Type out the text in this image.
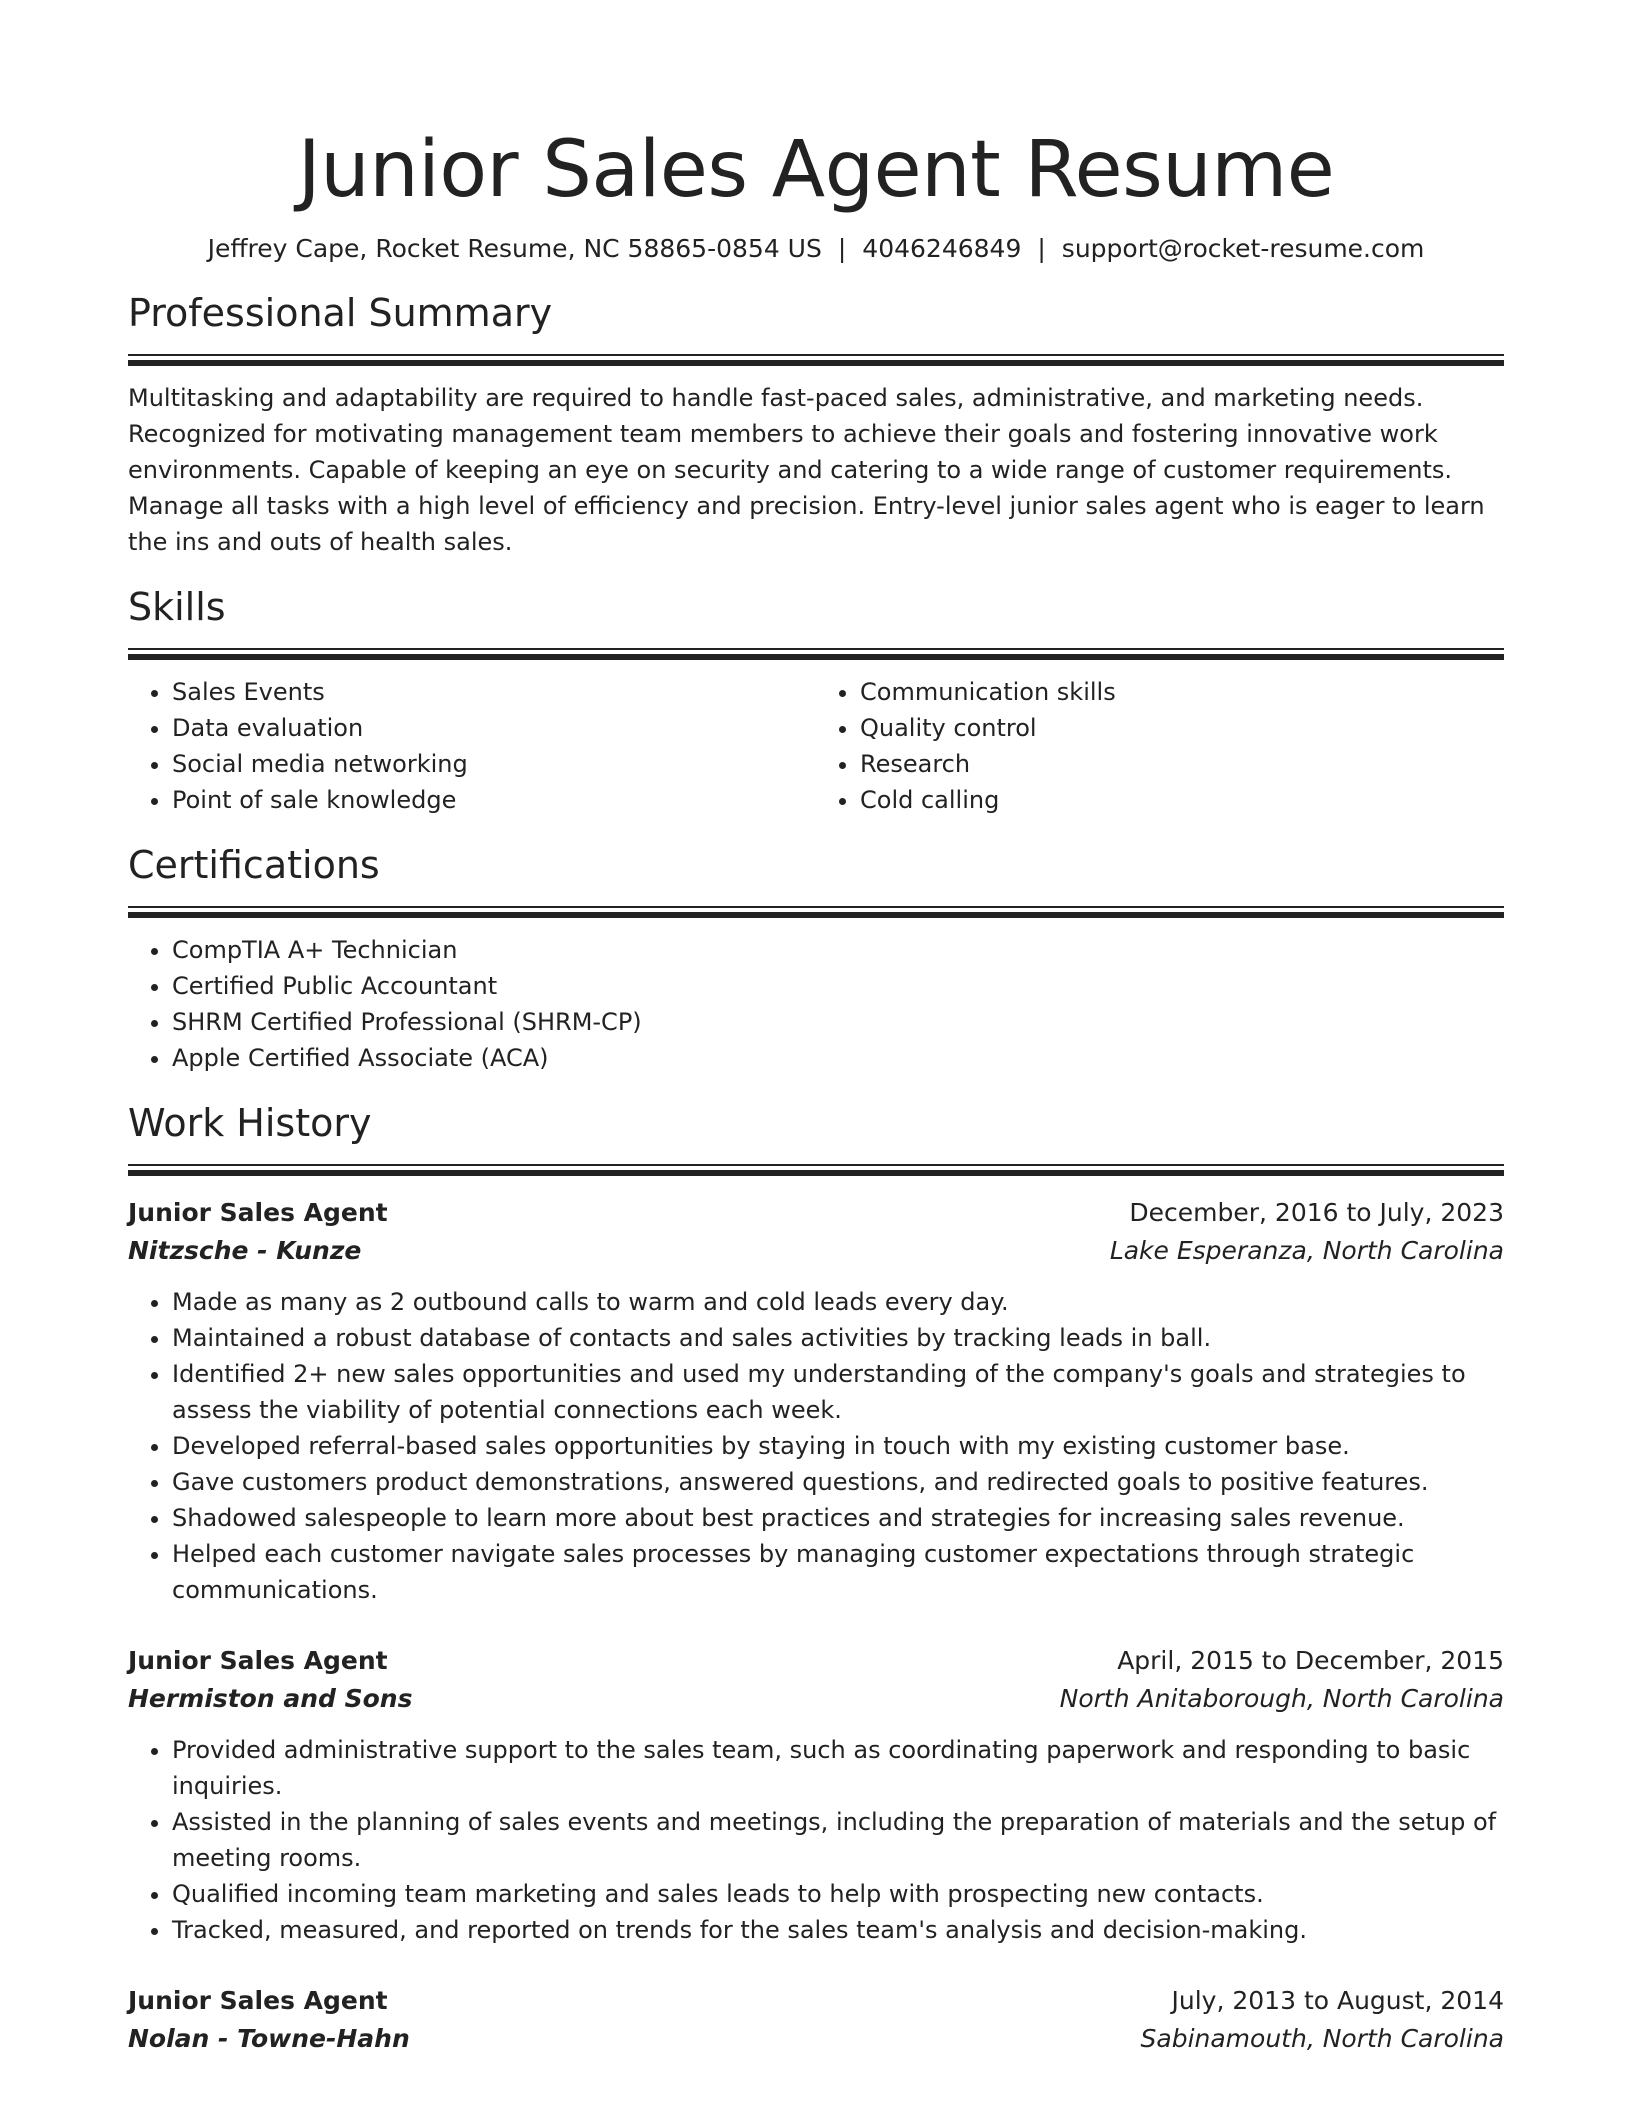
Junior Sales Agent Resume
Jeffrey Cape, Rocket Resume, NC 58865-0854 US | 4046246849 | support@rocket-resume.com
Professional Summary

Multitasking and adaptability are required to handle fast-paced sales, administrative, and marketing needs. Recognized for motivating management team members to achieve their goals and fostering innovative work environments. Capable of keeping an eye on security and catering to a wide range of customer requirements. Manage all tasks with a high level of efficiency and precision. Entry-level junior sales agent who is eager to learn the ins and outs of health sales.

Skills
• Sales Events
• Data evaluation
• Social media networking
• Point of sale knowledge
• Communication skills
• Quality control
• Research
• Cold calling
Certifications
• CompTIA A+ Technician
• Certified Public Accountant
• SHRM Certified Professional (SHRM-CP)
• Apple Certified Associate (ACA)
Work History
Junior Sales Agent	December, 2016 to July, 2023
Nitzsche - Kunze	Lake Esperanza, North Carolina
• Made as many as 2 outbound calls to warm and cold leads every day.
• Maintained a robust database of contacts and sales activities by tracking leads in ball.
• Identified 2+ new sales opportunities and used my understanding of the company's goals and strategies to assess the viability of potential connections each week.
• Developed referral-based sales opportunities by staying in touch with my existing customer base.
• Gave customers product demonstrations, answered questions, and redirected goals to positive features.
• Shadowed salespeople to learn more about best practices and strategies for increasing sales revenue.
• Helped each customer navigate sales processes by managing customer expectations through strategic communications.
Junior Sales Agent	April, 2015 to December, 2015
Hermiston and Sons	North Anitaborough, North Carolina
• Provided administrative support to the sales team, such as coordinating paperwork and responding to basic inquiries.
• Assisted in the planning of sales events and meetings, including the preparation of materials and the setup of meeting rooms.
• Qualified incoming team marketing and sales leads to help with prospecting new contacts.
• Tracked, measured, and reported on trends for the sales team's analysis and decision-making.
Junior Sales Agent	July, 2013 to August, 2014
Nolan - Towne-Hahn	Sabinamouth, North Carolina
